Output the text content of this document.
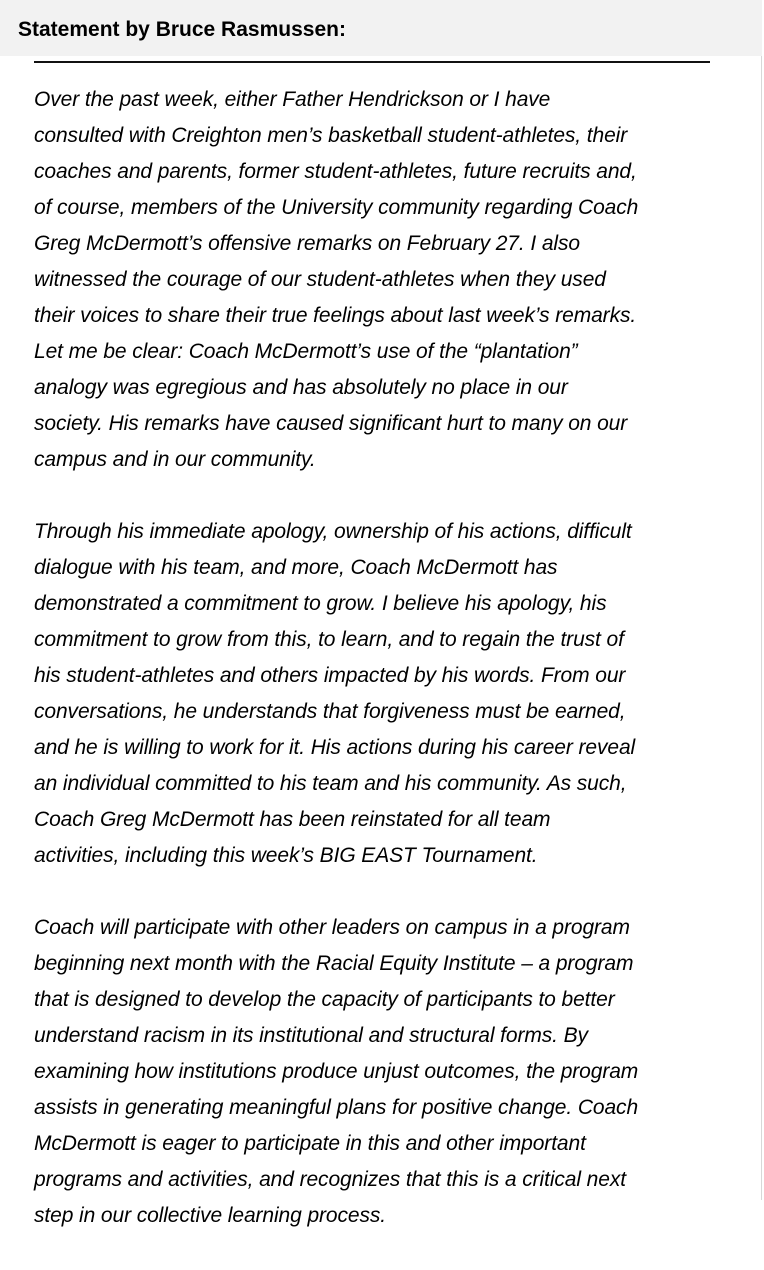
Statement by Bruce Rasmussen:

Over the past week, either Father Hendrickson or I have
consulted with Creighton men’s basketball student-athletes, their
coaches and parents, former student-athletes, future recruits and,
of course, members of the University community regarding Coach
Greg McDermott’s offensive remarks on February 27. I also
witnessed the courage of our student-athletes when they used
their voices to share their true feelings about last week’s remarks.
Let me be clear: Coach McDermott’s use of the “plantation”
analogy was egregious and has absolutely no place in our
society. His remarks have caused significant hurt to many on our
campus and in our community.

Through his immediate apology, ownership of his actions, difficult
dialogue with his team, and more, Coach McDermott has
demonstrated a commitment to grow. I believe his apology, his
commitment to grow from this, to learn, and to regain the trust of
his student-athletes and others impacted by his words. From our
conversations, he understands that forgiveness must be earned,
and he is willing to work for it. His actions during his career reveal
an individual committed to his team and his community. As such,
Coach Greg McDermott has been reinstated for all team
activities, including this week’s BIG EAST Tournament.

Coach will participate with other leaders on campus in a program
beginning next month with the Racial Equity Institute – a program
that is designed to develop the capacity of participants to better
understand racism in its institutional and structural forms. By
examining how institutions produce unjust outcomes, the program
assists in generating meaningful plans for positive change. Coach
McDermott is eager to participate in this and other important
programs and activities, and recognizes that this is a critical next
step in our collective learning process.
